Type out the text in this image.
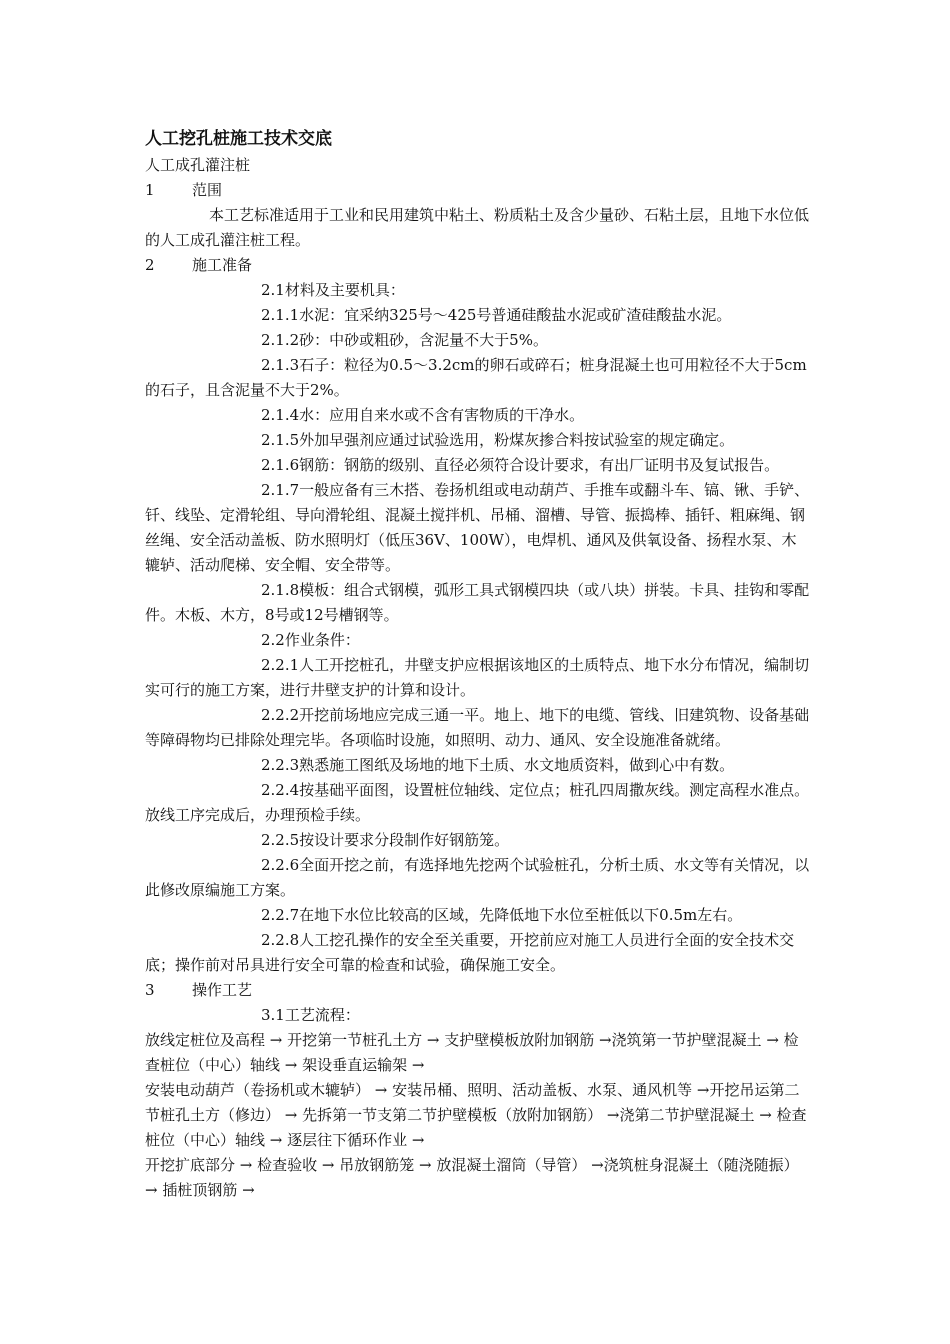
人工挖孔桩施工技术交底

人工成孔灌注桩

1 范围

本工艺标准适用于工业和民用建筑中粘土、粉质粘土及含少量砂、石粘土层，且地下水位低的人工成孔灌注桩工程。

2 施工准备

2.1材料及主要机具：

2.1.1水泥：宜采纳325号～425号普通硅酸盐水泥或矿渣硅酸盐水泥。

2.1.2砂：中砂或粗砂，含泥量不大于5%。

2.1.3石子：粒径为0.5～3.2cm的卵石或碎石；桩身混凝土也可用粒径不大于5cm的石子，且含泥量不大于2%。

2.1.4水：应用自来水或不含有害物质的干净水。

2.1.5外加早强剂应通过试验选用，粉煤灰掺合料按试验室的规定确定。

2.1.6钢筋：钢筋的级别、直径必须符合设计要求，有出厂证明书及复试报告。

2.1.7一般应备有三木搭、卷扬机组或电动葫芦、手推车或翻斗车、镐、锹、手铲、钎、线坠、定滑轮组、导向滑轮组、混凝土搅拌机、吊桶、溜槽、导管、振捣棒、插钎、粗麻绳、钢丝绳、安全活动盖板、防水照明灯（低压36V、100W），电焊机、通风及供氧设备、扬程水泵、木辘轳、活动爬梯、安全帽、安全带等。

2.1.8模板：组合式钢模，弧形工具式钢模四块（或八块）拼装。卡具、挂钩和零配件。木板、木方，8号或12号槽钢等。

2.2作业条件：

2.2.1人工开挖桩孔，井壁支护应根据该地区的土质特点、地下水分布情况，编制切实可行的施工方案，进行井壁支护的计算和设计。

2.2.2开挖前场地应完成三通一平。地上、地下的电缆、管线、旧建筑物、设备基础等障碍物均已排除处理完毕。各项临时设施，如照明、动力、通风、安全设施准备就绪。

2.2.3熟悉施工图纸及场地的地下土质、水文地质资料，做到心中有数。

2.2.4按基础平面图，设置桩位轴线、定位点；桩孔四周撒灰线。测定高程水准点。放线工序完成后，办理预检手续。

2.2.5按设计要求分段制作好钢筋笼。

2.2.6全面开挖之前，有选择地先挖两个试验桩孔，分析土质、水文等有关情况，以此修改原编施工方案。

2.2.7在地下水位比较高的区域，先降低地下水位至桩低以下0.5m左右。

2.2.8人工挖孔操作的安全至关重要，开挖前应对施工人员进行全面的安全技术交底；操作前对吊具进行安全可靠的检查和试验，确保施工安全。

3 操作工艺

3.1工艺流程：

放线定桩位及高程 → 开挖第一节桩孔土方 → 支护壁模板放附加钢筋 →浇筑第一节护壁混凝土 → 检查桩位（中心）轴线 → 架设垂直运输架 →

安装电动葫芦（卷扬机或木辘轳） → 安装吊桶、照明、活动盖板、水泵、通风机等 →开挖吊运第二节桩孔土方（修边） → 先拆第一节支第二节护壁模板（放附加钢筋） →浇第二节护壁混凝土 → 检查桩位（中心）轴线 → 逐层往下循环作业 →

开挖扩底部分 → 检查验收 → 吊放钢筋笼 → 放混凝土溜筒（导管） →浇筑桩身混凝土（随浇随振） → 插桩顶钢筋 →
